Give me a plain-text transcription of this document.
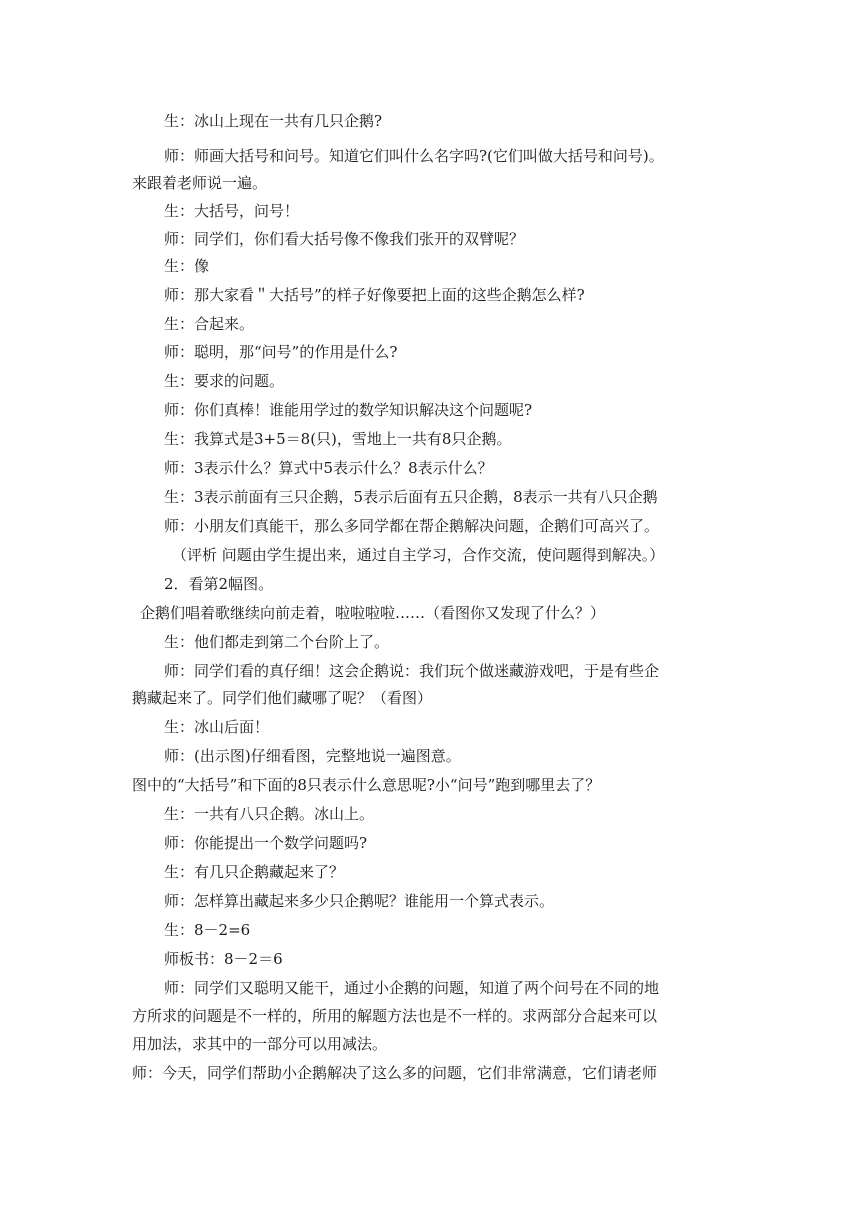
生：冰山上现在一共有几只企鹅?
师：师画大括号和问号。知道它们叫什么名字吗?(它们叫做大括号和问号)。
来跟着老师说一遍。
生：大括号，问号！
师：同学们，你们看大括号像不像我们张开的双臂呢？
生：像
师：那大家看＂大括号”的样子好像要把上面的这些企鹅怎么样?
生：合起来。
师：聪明，那“问号”的作用是什么?
生：要求的问题。
师：你们真棒！谁能用学过的数学知识解决这个问题呢?
生：我算式是3+5＝8(只)，雪地上一共有8只企鹅。
师：3表示什么？算式中5表示什么？8表示什么？
生：3表示前面有三只企鹅，5表示后面有五只企鹅，8表示一共有八只企鹅
师：小朋友们真能干，那么多同学都在帮企鹅解决问题，企鹅们可高兴了。
（评析 问题由学生提出来，通过自主学习，合作交流，使问题得到解决。）
2．看第2幅图。
企鹅们唱着歌继续向前走着，啦啦啦啦……（看图你又发现了什么？）
生：他们都走到第二个台阶上了。
师：同学们看的真仔细！这会企鹅说：我们玩个做迷藏游戏吧，于是有些企
鹅藏起来了。同学们他们藏哪了呢？（看图）
生：冰山后面！
师：(出示图)仔细看图，完整地说一遍图意。
图中的“大括号”和下面的8只表示什么意思呢?小“问号”跑到哪里去了？
生：一共有八只企鹅。冰山上。
师：你能提出一个数学问题吗?
生：有几只企鹅藏起来了？
师：怎样算出藏起来多少只企鹅呢？谁能用一个算式表示。
生：8－2=6
师板书：8－2＝6
师：同学们又聪明又能干，通过小企鹅的问题，知道了两个问号在不同的地
方所求的问题是不一样的，所用的解题方法也是不一样的。求两部分合起来可以
用加法，求其中的一部分可以用减法。
师：今天，同学们帮助小企鹅解决了这么多的问题，它们非常满意，它们请老师
